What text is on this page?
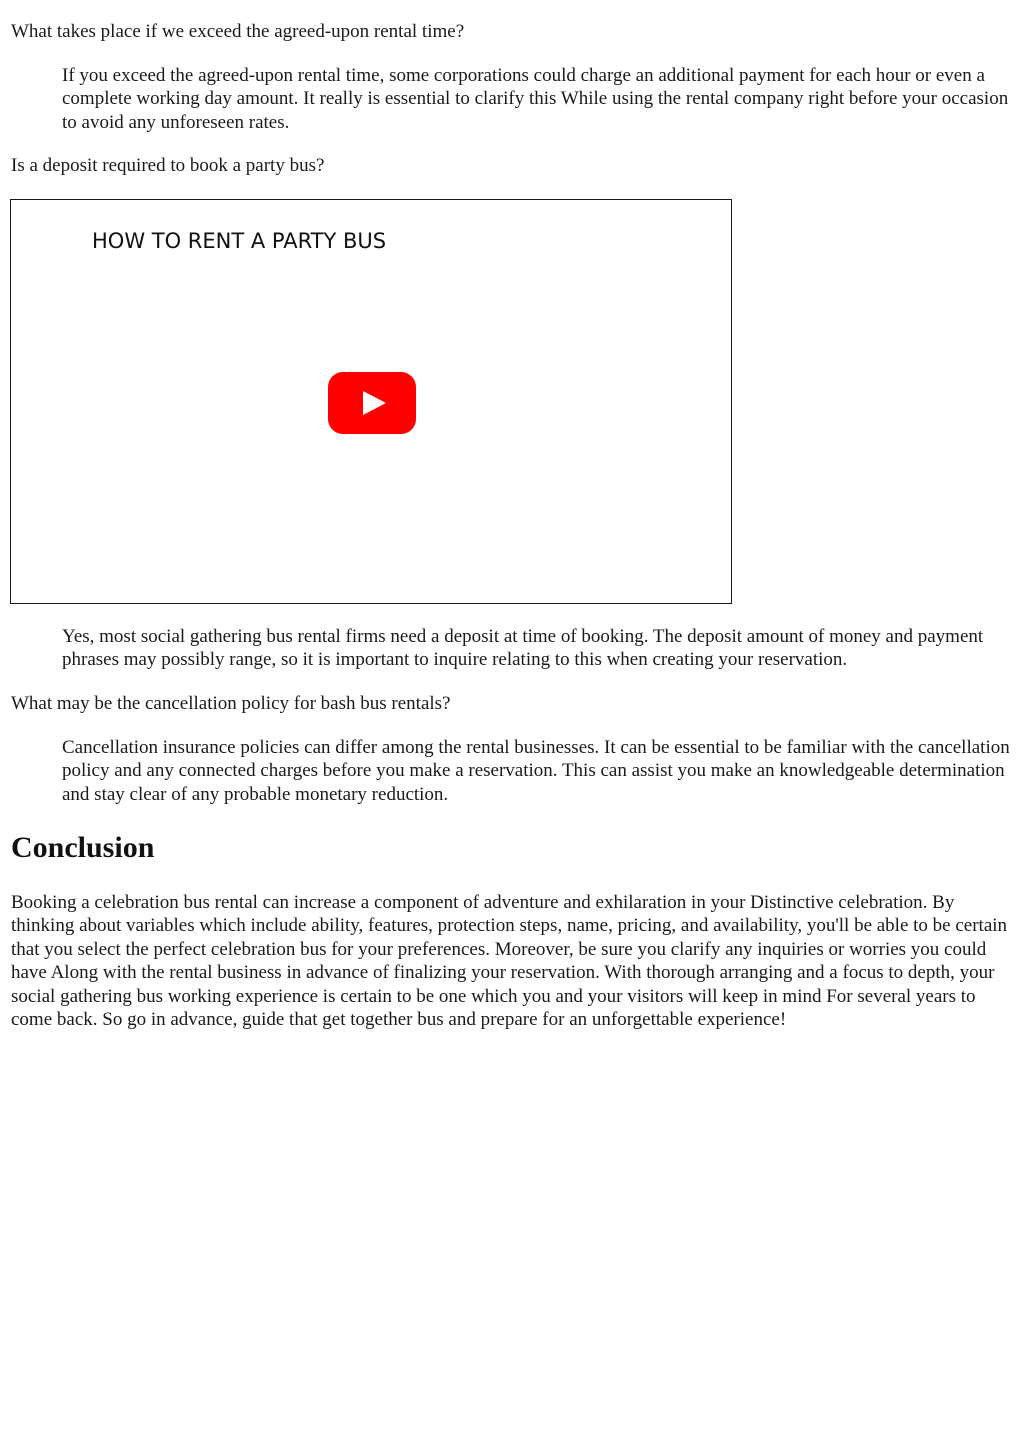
What takes place if we exceed the agreed-upon rental time?

If you exceed the agreed-upon rental time, some corporations could charge an additional payment for each hour or even a complete working day amount. It really is essential to clarify this While using the rental company right before your occasion to avoid any unforeseen rates.

Is a deposit required to book a party bus?

HOW TO RENT A PARTY BUS

Yes, most social gathering bus rental firms need a deposit at time of booking. The deposit amount of money and payment phrases may possibly range, so it is important to inquire relating to this when creating your reservation.

What may be the cancellation policy for bash bus rentals?

Cancellation insurance policies can differ among the rental businesses. It can be essential to be familiar with the cancellation policy and any connected charges before you make a reservation. This can assist you make an knowledgeable determination and stay clear of any probable monetary reduction.

Conclusion

Booking a celebration bus rental can increase a component of adventure and exhilaration in your Distinctive celebration. By thinking about variables which include ability, features, protection steps, name, pricing, and availability, you'll be able to be certain that you select the perfect celebration bus for your preferences. Moreover, be sure you clarify any inquiries or worries you could have Along with the rental business in advance of finalizing your reservation. With thorough arranging and a focus to depth, your social gathering bus working experience is certain to be one which you and your visitors will keep in mind For several years to come back. So go in advance, guide that get together bus and prepare for an unforgettable experience!
